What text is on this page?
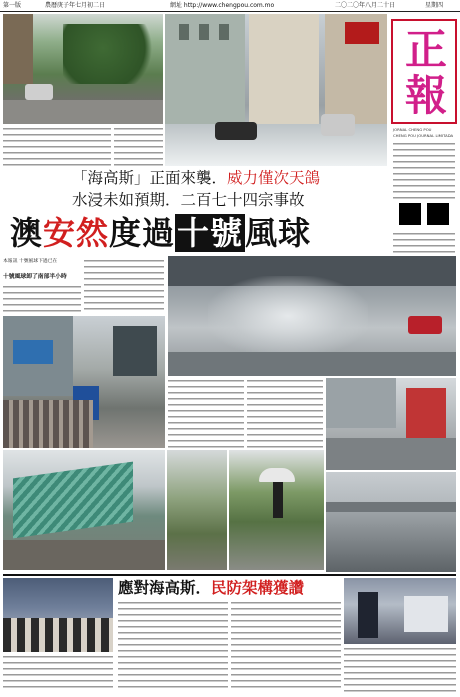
第一版	農曆庚子年七月初二日	網址 http://www.chengpou.com.mo	二〇二〇年八月二十日	星期四
正
報
JORNAL CHENG POU
CHENG POU JOURNAL LIMITADA
「海高斯」正面來襲．威力僅次天鴿
水浸未如預期．二百七十四宗事故
澳安然度過十號風球
本報訊 十號風球下過已在
十號風球卸了南部半小時
應對海高斯．民防架構獲讚
